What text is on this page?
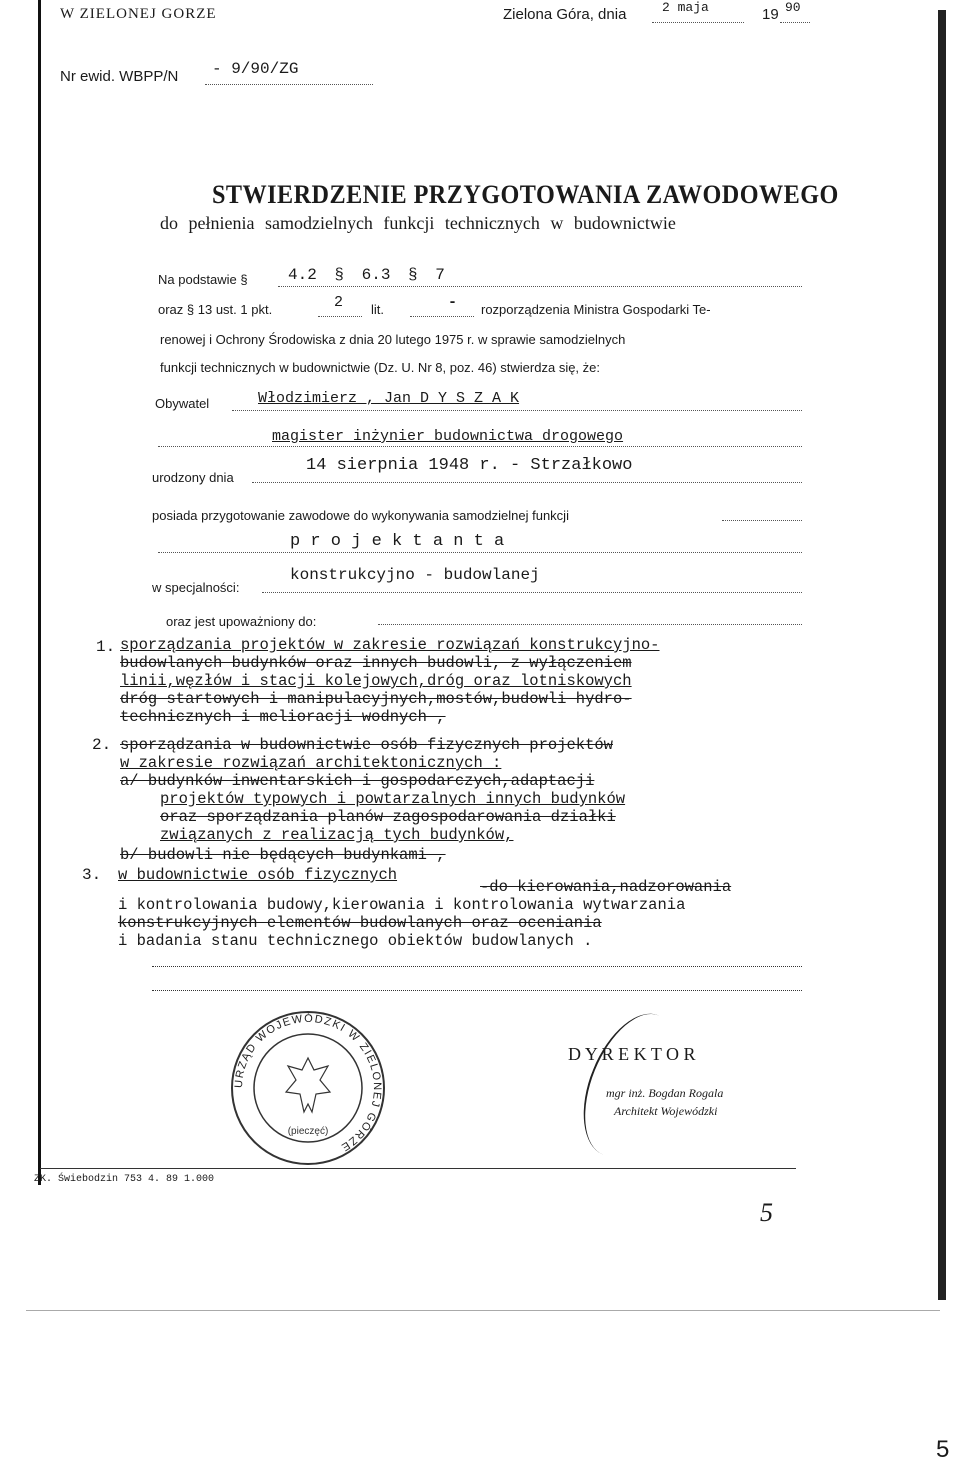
W ZIELONEJ GORZE	Zielona Góra, dnia	2 maja	19 90
Nr ewid. WBPP/N - 9/90/ZG
STWIERDZENIE PRZYGOTOWANIA ZAWODOWEGO
do pełnienia samodzielnych funkcji technicznych w budownictwie
Na podstawie §	4.2 § 6.3 § 7
oraz § 13 ust. 1 pkt.	2 lit.	- rozporządzenia Ministra Gospodarki Te-
renowej i Ochrony Środowiska z dnia 20 lutego 1975 r. w sprawie samodzielnych
funkcji technicznych w budownictwie (Dz. U. Nr 8, poz. 46) stwierdza się, że:
Obywatel	Włodzimierz , Jan D Y S Z A K
magister inżynier budownictwa drogowego
urodzony dnia
14 sierpnia 1948 r. - Strzałkowo
posiada przygotowanie zawodowe do wykonywania samodzielnej funkcji
p r o j e k t a n t a
w specjalności:
konstrukcyjno - budowlanej
oraz jest upoważniony do:
1. sporządzania projektów w zakresie rozwiązań konstrukcyjno-
budowlanych budynków oraz innych budowli, z wyłączeniem
linii,węzłów i stacji kolejowych,dróg oraz lotniskowych
dróg startowych i manipulacyjnych,mostów,budowli hydro-
technicznych i melioracji wodnych ,
2. sporządzania w budownictwie osób fizycznych projektów
w zakresie rozwiązań architektonicznych :
a/ budynków inwentarskich i gospodarczych,adaptacji
projektów typowych i powtarzalnych innych budynków
oraz sporządzania planów zagospodarowania działki
związanych z realizacją tych budynków,
b/ budowli nie będących budynkami ,
3. w budownictwie osób fizycznych
-do kierowania,nadzorowania
i kontrolowania budowy,kierowania i kontrolowania wytwarzania
konstrukcyjnych elementów budowlanych oraz oceniania
i badania stanu technicznego obiektów budowlanych .
URZĄD WOJEWÓDZKI W ZIELONEJ GÓRZE
(pieczęć)
D Y R E K T O R
mgr inż. Bogdan Rogala
Architekt Wojewódzki
ZK. Świebodzin 753 4. 89 1.000
5
5
